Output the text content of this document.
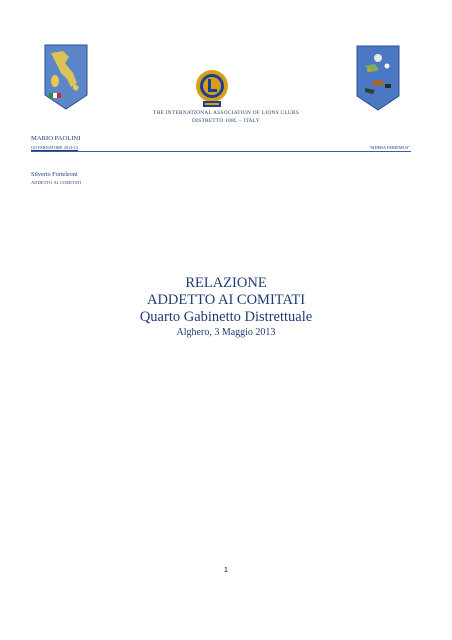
THE INTERNATIONAL ASSOCIATION OF LIONS CLUBS
DISTRETTO 108L – ITALY
MARIO PAOLINI
GOVERNATORE 2012-13	"SIDERA FERIEMUS"
Silverio Forteleoni
ADDETTO AI COMITATI
RELAZIONE
ADDETTO AI COMITATI
Quarto Gabinetto Distrettuale
Alghero, 3 Maggio 2013
1
